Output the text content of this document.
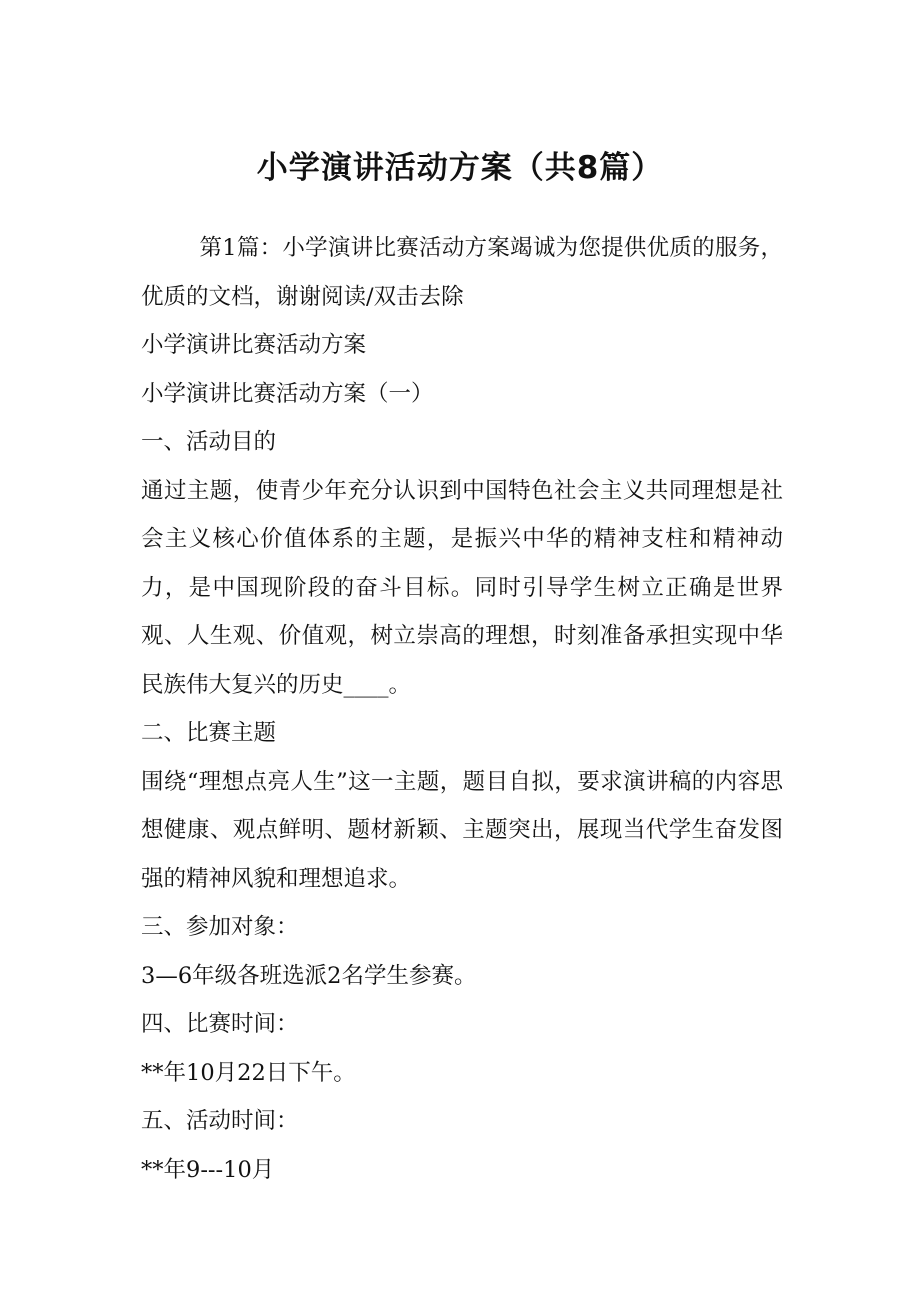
小学演讲活动方案（共8篇）

第1篇：小学演讲比赛活动方案竭诚为您提供优质的服务，优质的文档，谢谢阅读/双击去除

小学演讲比赛活动方案

小学演讲比赛活动方案（一）

一、活动目的

通过主题，使青少年充分认识到中国特色社会主义共同理想是社会主义核心价值体系的主题，是振兴中华的精神支柱和精神动力，是中国现阶段的奋斗目标。同时引导学生树立正确是世界观、人生观、价值观，树立崇高的理想，时刻准备承担实现中华民族伟大复兴的历史____。

二、比赛主题

围绕“理想点亮人生”这一主题，题目自拟，要求演讲稿的内容思想健康、观点鲜明、题材新颖、主题突出，展现当代学生奋发图强的精神风貌和理想追求。

三、参加对象：

3—6年级各班选派2名学生参赛。

四、比赛时间：

**年10月22日下午。

五、活动时间：

**年9---10月
